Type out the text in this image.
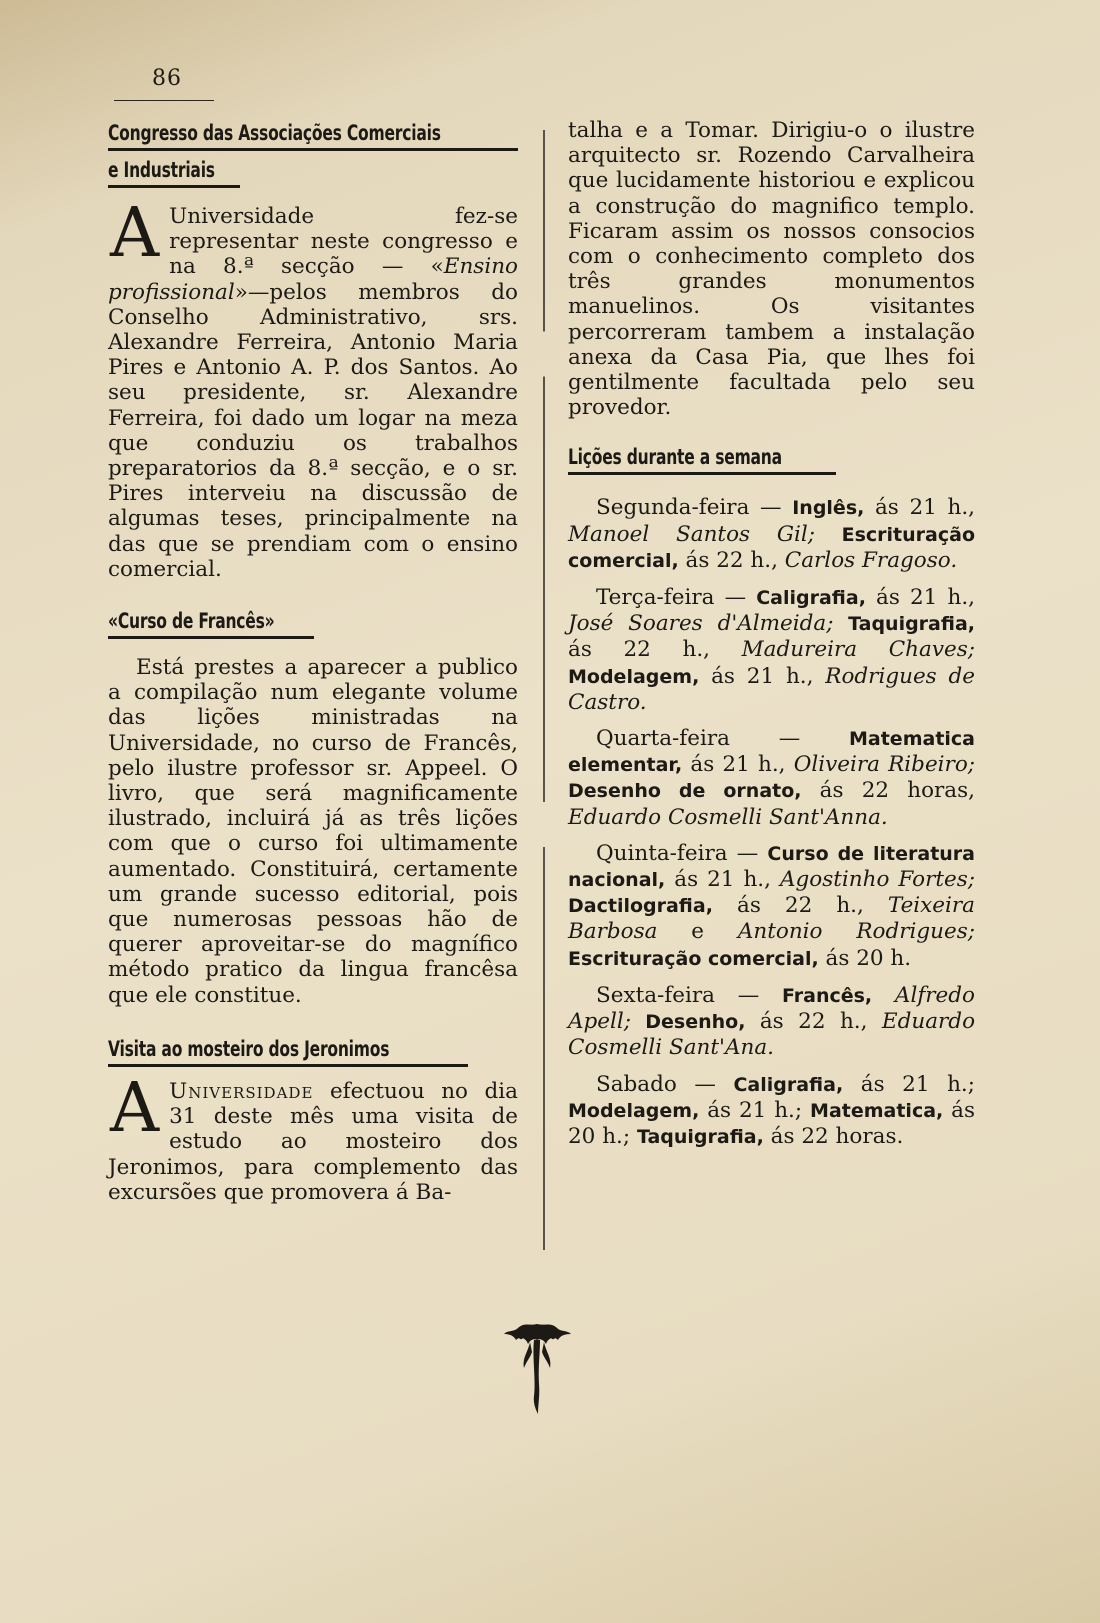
86
Congresso das Associações Comerciais
e Industriais

A Universidade fez-se representar neste congresso e na 8.ª secção — «Ensino profissional»—pelos membros do Conselho Administrativo, srs. Alexandre Ferreira, Antonio Maria Pires e Antonio A. P. dos Santos. Ao seu presidente, sr. Alexandre Ferreira, foi dado um logar na meza que conduziu os trabalhos preparatorios da 8.ª secção, e o sr. Pires interveiu na discussão de algumas teses, principalmente na das que se prendiam com o ensino comercial.

«Curso de Francês»

Está prestes a aparecer a publico a compilação num elegante volume das lições ministradas na Universidade, no curso de Francês, pelo ilustre professor sr. Appeel. O livro, que será magnificamente ilustrado, incluirá já as três lições com que o curso foi ultimamente aumentado. Constituirá, certamente um grande sucesso editorial, pois que numerosas pessoas hão de querer aproveitar-se do magnífico método pratico da lingua francêsa que ele constitue.

Visita ao mosteiro dos Jeronimos

A Universidade efectuou no dia 31 deste mês uma visita de estudo ao mosteiro dos Jeronimos, para complemento das excursões que promovera á Ba-

talha e a Tomar. Dirigiu-o o ilustre arquitecto sr. Rozendo Carvalheira que lucidamente historiou e explicou a construção do magnifico templo. Ficaram assim os nossos consocios com o conhecimento completo dos três grandes monumentos manuelinos. Os visitantes percorreram tambem a instalação anexa da Casa Pia, que lhes foi gentilmente facultada pelo seu provedor.

Lições durante a semana

Segunda-feira — Inglês, ás 21 h., Manoel Santos Gil; Escrituração comercial, ás 22 h., Carlos Fragoso.

Terça-feira — Caligrafia, ás 21 h., José Soares d'Almeida; Taquigrafia, ás 22 h., Madureira Chaves; Modelagem, ás 21 h., Rodrigues de Castro.

Quarta-feira —	Matematica elementar, ás 21 h., Oliveira Ribeiro; Desenho de ornato, ás 22 horas, Eduardo Cosmelli Sant'Anna.

Quinta-feira — Curso de literatura nacional, ás 21 h., Agostinho Fortes; Dactilografia, ás 22 h., Teixeira Barbosa e Antonio Rodrigues; Escrituração comercial, ás 20 h.

Sexta-feira — Francês, Alfredo Apell; Desenho, ás 22 h., Eduardo Cosmelli Sant'Ana.

Sabado — Caligrafia, ás 21 h.; Modelagem, ás 21 h.; Matematica, ás 20 h.; Taquigrafia, ás 22 horas.
